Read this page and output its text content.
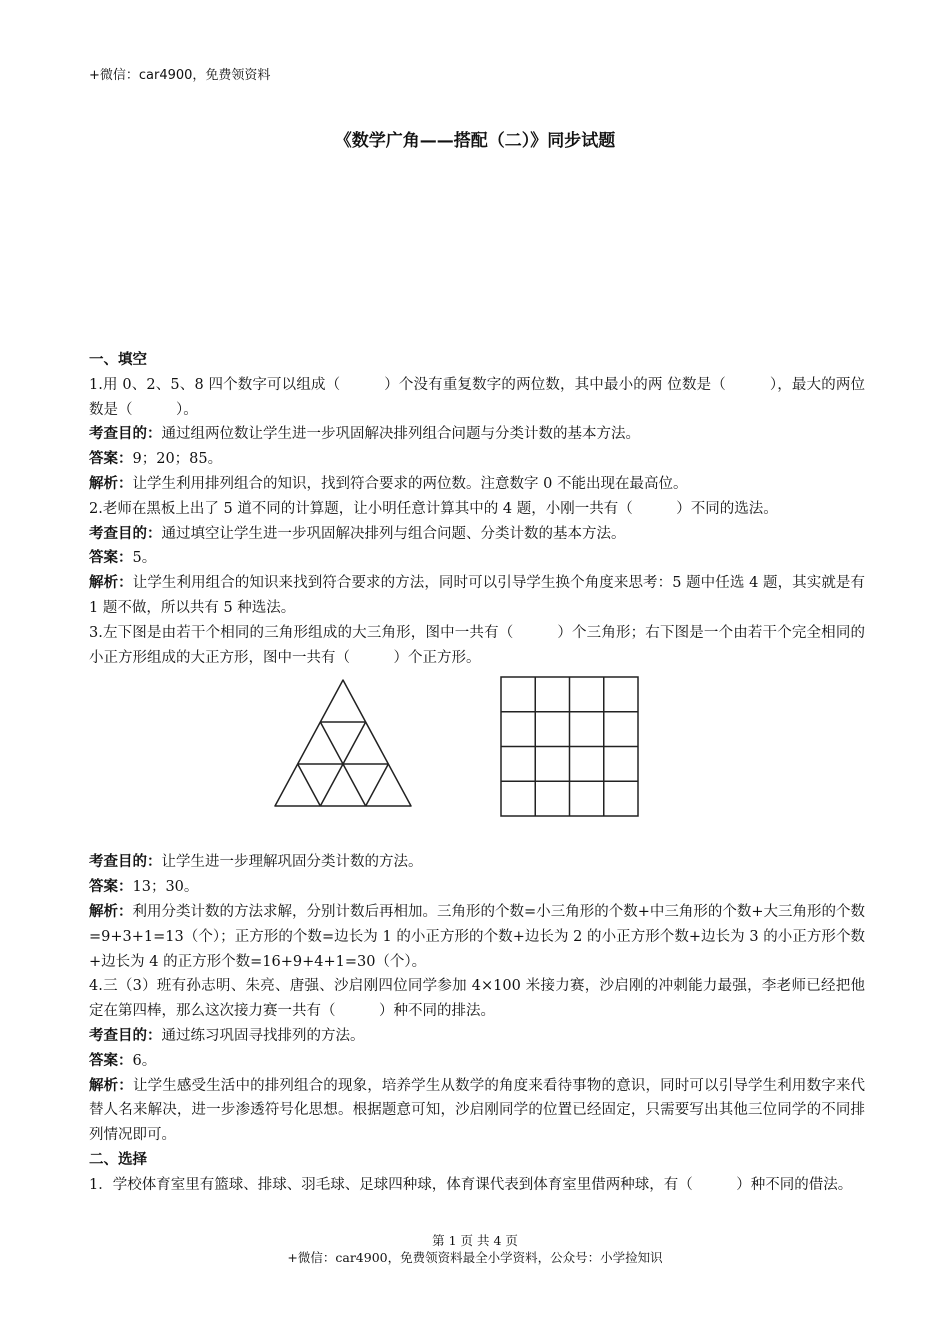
+微信：car4900，免费领资料
《数学广角——搭配（二）》同步试题

一、填空

1.用 0、2、5、8 四个数字可以组成（　　　）个没有重复数字的两位数，其中最小的两 位数是（　　　），最大的两位数是（　　　）。

考查目的：通过组两位数让学生进一步巩固解决排列组合问题与分类计数的基本方法。

答案：9；20；85。

解析：让学生利用排列组合的知识，找到符合要求的两位数。注意数字 0 不能出现在最高位。

2.老师在黑板上出了 5 道不同的计算题，让小明任意计算其中的 4 题，小刚一共有（　　　）不同的选法。

考查目的：通过填空让学生进一步巩固解决排列与组合问题、分类计数的基本方法。

答案：5。

解析：让学生利用组合的知识来找到符合要求的方法，同时可以引导学生换个角度来思考：5 题中任选 4 题，其实就是有 1 题不做，所以共有 5 种选法。

3.左下图是由若干个相同的三角形组成的大三角形，图中一共有（　　　）个三角形；右下图是一个由若干个完全相同的小正方形组成的大正方形，图中一共有（　　　）个正方形。

考查目的：让学生进一步理解巩固分类计数的方法。

答案：13；30。

解析：利用分类计数的方法求解，分别计数后再相加。三角形的个数=小三角形的个数+中三角形的个数+大三角形的个数=9+3+1=13（个）；正方形的个数=边长为 1 的小正方形的个数+边长为 2 的小正方形个数+边长为 3 的小正方形个数+边长为 4 的正方形个数=16+9+4+1=30（个）。

4.三（3）班有孙志明、朱亮、唐强、沙启刚四位同学参加 4×100 米接力赛，沙启刚的冲刺能力最强，李老师已经把他定在第四棒，那么这次接力赛一共有（　　　）种不同的排法。

考查目的：通过练习巩固寻找排列的方法。

答案：6。

解析：让学生感受生活中的排列组合的现象，培养学生从数学的角度来看待事物的意识，同时可以引导学生利用数字来代替人名来解决，进一步渗透符号化思想。根据题意可知，沙启刚同学的位置已经固定，只需要写出其他三位同学的不同排列情况即可。

二、选择

1．学校体育室里有篮球、排球、羽毛球、足球四种球，体育课代表到体育室里借两种球，有（　　　）种不同的借法。

第 1 页 共 4 页
+微信：car4900，免费领资料最全小学资料，公众号：小学捡知识
